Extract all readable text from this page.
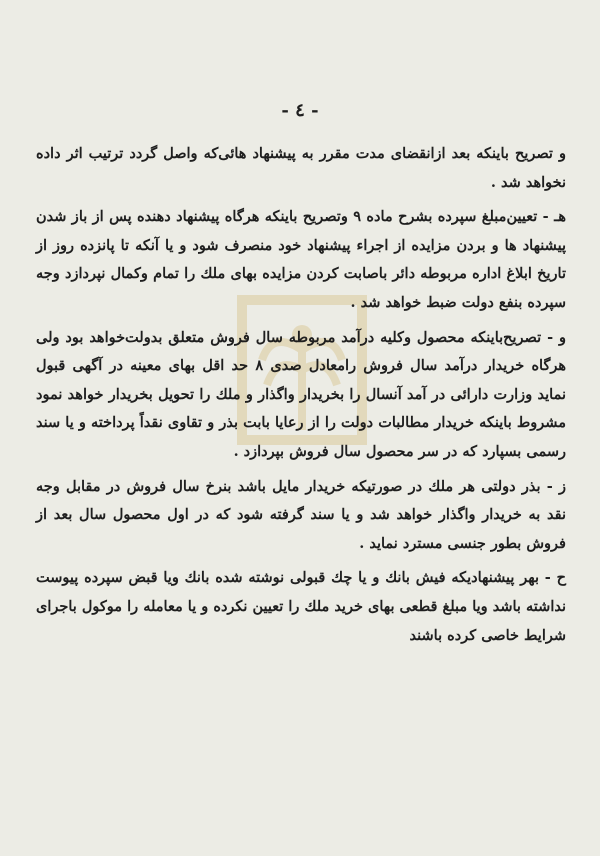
- ٤ -

و تصریح باینکه بعد ازانقضای مدت مقرر به پیشنهاد هائی‌که واصل گردد ترتیب اثر داده نخواهد شد .

هـ - تعیین‌مبلغ سپرده بشرح ماده ۹ وتصریح باینکه هرگاه پیشنهاد دهنده پس از باز شدن پیشنهاد ها و بردن مزایده از اجراء پیشنهاد خود منصرف شود و یا آنکه تا پانزده روز از تاریخ ابلاغ اداره مربوطه دائر باصابت کردن مزایده بهای ملك را تمام وکمال نپردازد وجه سپرده بنفع دولت ضبط خواهد شد .

و - تصریح‌باینکه محصول وکلیه درآمد مربوطه سال فروش متعلق بدولت‌خواهد بود ولی هرگاه خریدار درآمد سال فروش رامعادل صدی ۸ حد اقل بهای معینه در آگهی قبول نماید وزارت دارائی در آمد آنسال را بخریدار واگذار و ملك را تحویل بخریدار خواهد نمود مشروط باینکه خریدار مطالبات دولت را از رعایا بابت بذر و تقاوی نقداً پرداخته و یا سند رسمی بسپارد که در سر محصول سال فروش بپردازد .

ز - بذر دولتی هر ملك در صورتیکه خریدار مایل باشد بنرخ سال فروش در مقابل وجه نقد به خریدار واگذار خواهد شد و یا سند گرفته شود که در اول محصول سال بعد از فروش بطور جنسی مسترد نماید .

ح - بهر پیشنهادیکه فیش بانك و یا چك قبولی نوشته شده بانك ویا قبض سپرده پیوست نداشته باشد ویا مبلغ قطعی بهای خرید ملك را تعیین نکرده و یا معامله را موکول باجرای شرایط خاصی کرده باشند
